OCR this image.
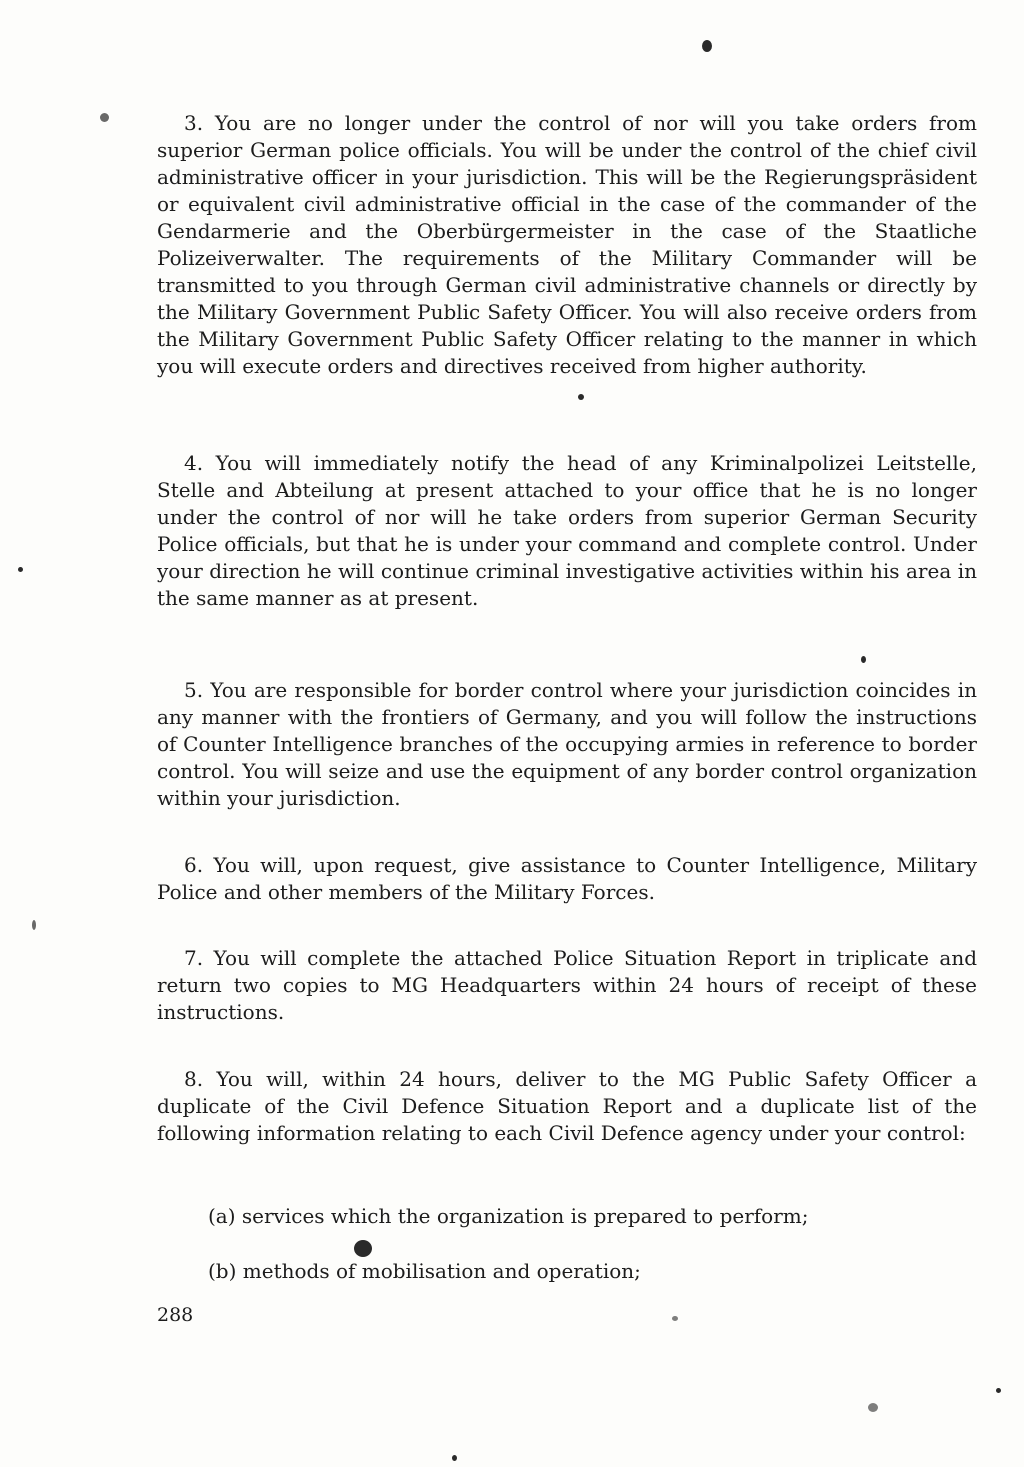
3. You are no longer under the control of nor will you take orders from superior German police officials. You will be under the control of the chief civil administrative officer in your jurisdiction. This will be the Regierungspräsident or equivalent civil administrative official in the case of the commander of the Gendarmerie and the Oberbürgermeister in the case of the Staatliche Polizeiverwalter. The requirements of the Military Commander will be transmitted to you through German civil administrative channels or directly by the Military Government Public Safety Officer. You will also receive orders from the Military Government Public Safety Officer relating to the manner in which you will execute orders and directives received from higher authority.

4. You will immediately notify the head of any Kriminalpolizei Leitstelle, Stelle and Abteilung at present attached to your office that he is no longer under the control of nor will he take orders from superior German Security Police officials, but that he is under your command and complete control. Under your direction he will continue criminal investigative activities within his area in the same manner as at present.

5. You are responsible for border control where your jurisdiction coincides in any manner with the frontiers of Germany, and you will follow the instructions of Counter Intelligence branches of the occupying armies in reference to border control. You will seize and use the equipment of any border control organization within your jurisdiction.

6. You will, upon request, give assistance to Counter Intelligence, Military Police and other members of the Military Forces.

7. You will complete the attached Police Situation Report in triplicate and return two copies to MG Headquarters within 24 hours of receipt of these instructions.

8. You will, within 24 hours, deliver to the MG Public Safety Officer a duplicate of the Civil Defence Situation Report and a duplicate list of the following information relating to each Civil Defence agency under your control:

(a) services which the organization is prepared to perform;

(b) methods of mobilisation and operation;

288
